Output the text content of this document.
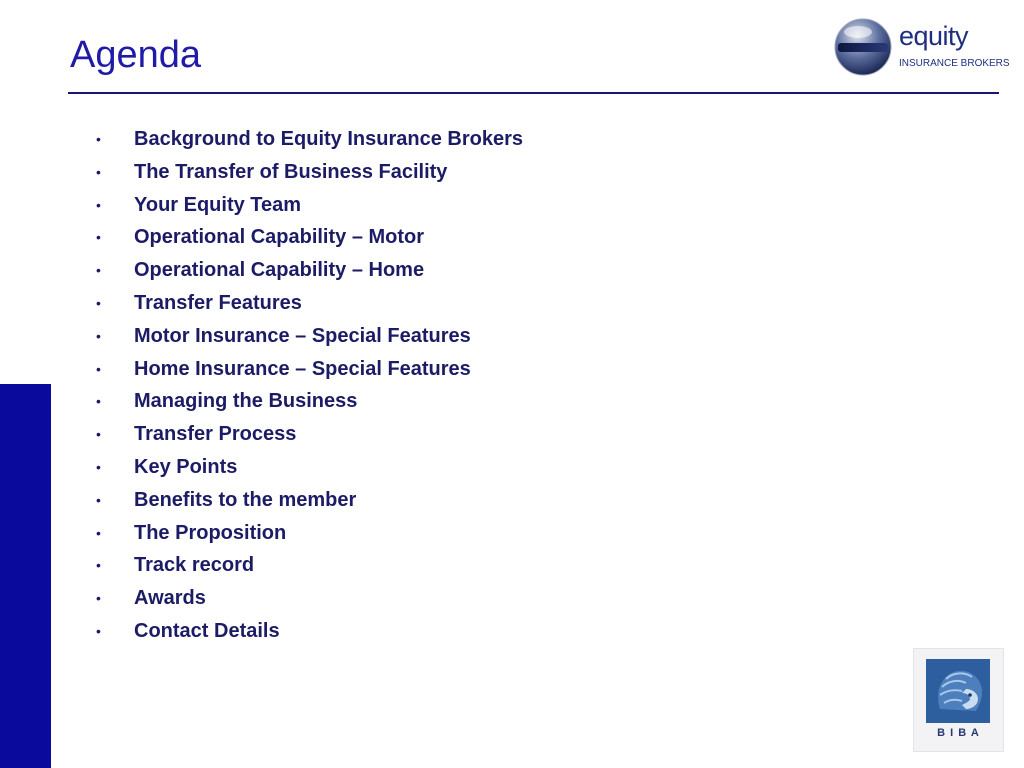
Agenda	equity
INSURANCE BROKERS
• Background to Equity Insurance Brokers
• The Transfer of Business Facility
• Your Equity Team
• Operational Capability – Motor
• Operational Capability – Home
• Transfer Features
• Motor Insurance – Special Features
• Home Insurance – Special Features
• Managing the Business
• Transfer Process
• Key Points
• Benefits to the member
• The Proposition
• Track record
• Awards
• Contact Details
B I B A
